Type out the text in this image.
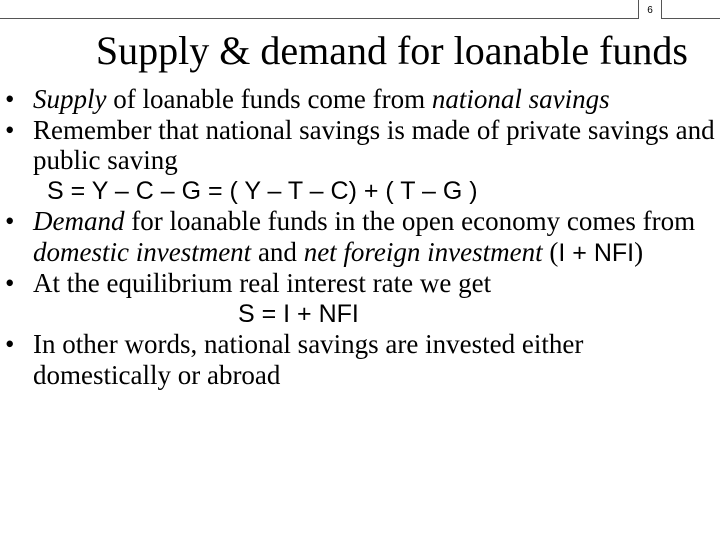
6
Supply & demand for loanable funds
• Supply of loanable funds come from national savings
• Remember that national savings is made of private savings and public saving
S = Y – C – G = ( Y – T – C) + ( T – G )
• Demand for loanable funds in the open economy comes from domestic investment and net foreign investment (I + NFI)
• At the equilibrium real interest rate we get
S = I + NFI
• In other words, national savings are invested either domestically or abroad
